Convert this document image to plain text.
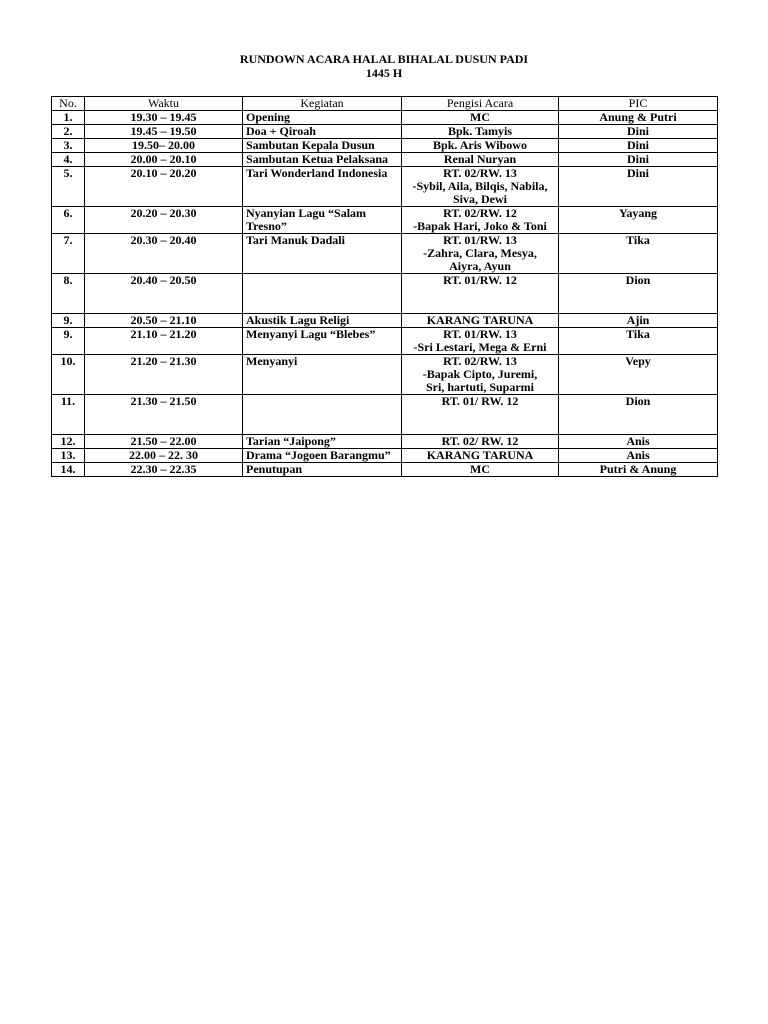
RUNDOWN ACARA HALAL BIHALAL DUSUN PADI
1445 H
No.	Waktu	Kegiatan	Pengisi Acara	PIC
1.	19.30 – 19.45	Opening	MC	Anung & Putri
2.	19.45 – 19.50	Doa + Qiroah	Bpk. Tamyis	Dini
3.	19.50– 20.00	Sambutan Kepala Dusun	Bpk. Aris Wibowo	Dini
4.	20.00 – 20.10	Sambutan Ketua Pelaksana	Renal Nuryan	Dini
5.	20.10 – 20.20	Tari Wonderland Indonesia	RT. 02/RW. 13
-Sybil, Aila, Bilqis, Nabila,
Siva, Dewi	Dini
6.	20.20 – 20.30	Nyanyian Lagu “Salam Tresno”	RT. 02/RW. 12
-Bapak Hari, Joko & Toni	Yayang
7.	20.30 – 20.40	Tari Manuk Dadali	RT. 01/RW. 13
-Zahra, Clara, Mesya,
Aiyra, Ayun	Tika
8.	20.40 – 20.50		RT. 01/RW. 12	Dion
9.	20.50 – 21.10	Akustik Lagu Religi	KARANG TARUNA	Ajin
9.	21.10 – 21.20	Menyanyi Lagu “Blebes”	RT. 01/RW. 13
-Sri Lestari, Mega & Erni	Tika
10.	21.20 – 21.30	Menyanyi	RT. 02/RW. 13
-Bapak Cipto, Juremi,
Sri, hartuti, Suparmi	Vepy
11.	21.30 – 21.50		RT. 01/ RW. 12	Dion
12.	21.50 – 22.00	Tarian “Jaipong”	RT. 02/ RW. 12	Anis
13.	22.00 – 22. 30	Drama “Jogoen Barangmu”	KARANG TARUNA	Anis
14.	22.30 – 22.35	Penutupan	MC	Putri & Anung
